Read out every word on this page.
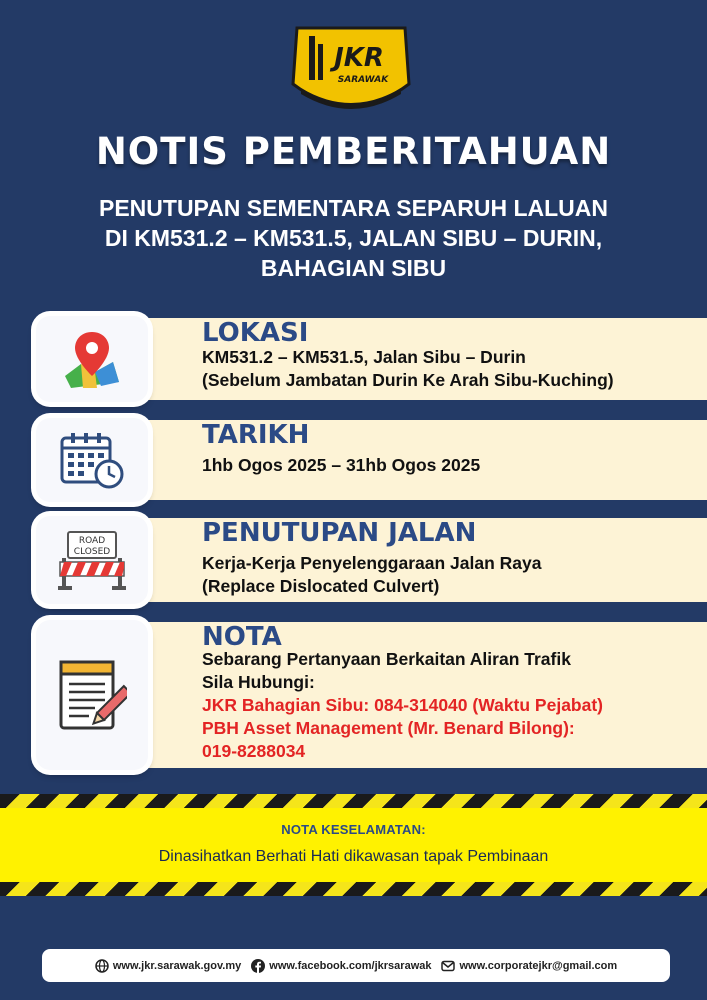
JKR
SARAWAK
NOTIS PEMBERITAHUAN
PENUTUPAN SEMENTARA SEPARUH LALUAN
DI KM531.2 – KM531.5, JALAN SIBU – DURIN,
BAHAGIAN SIBU
LOKASI
KM531.2 – KM531.5, Jalan Sibu – Durin
(Sebelum Jambatan Durin Ke Arah Sibu-Kuching)
TARIKH
1hb Ogos 2025 – 31hb Ogos 2025
ROAD
CLOSED
PENUTUPAN JALAN
Kerja-Kerja Penyelenggaraan Jalan Raya
(Replace Dislocated Culvert)
NOTA
Sebarang Pertanyaan Berkaitan Aliran Trafik
Sila Hubungi:
JKR Bahagian Sibu: 084-314040 (Waktu Pejabat)
PBH Asset Management (Mr. Benard Bilong):
019-8288034
NOTA KESELAMATAN:
Dinasihatkan Berhati Hati dikawasan tapak Pembinaan
www.jkr.sarawak.gov.my	www.facebook.com/jkrsarawak	www.corporatejkr@gmail.com
